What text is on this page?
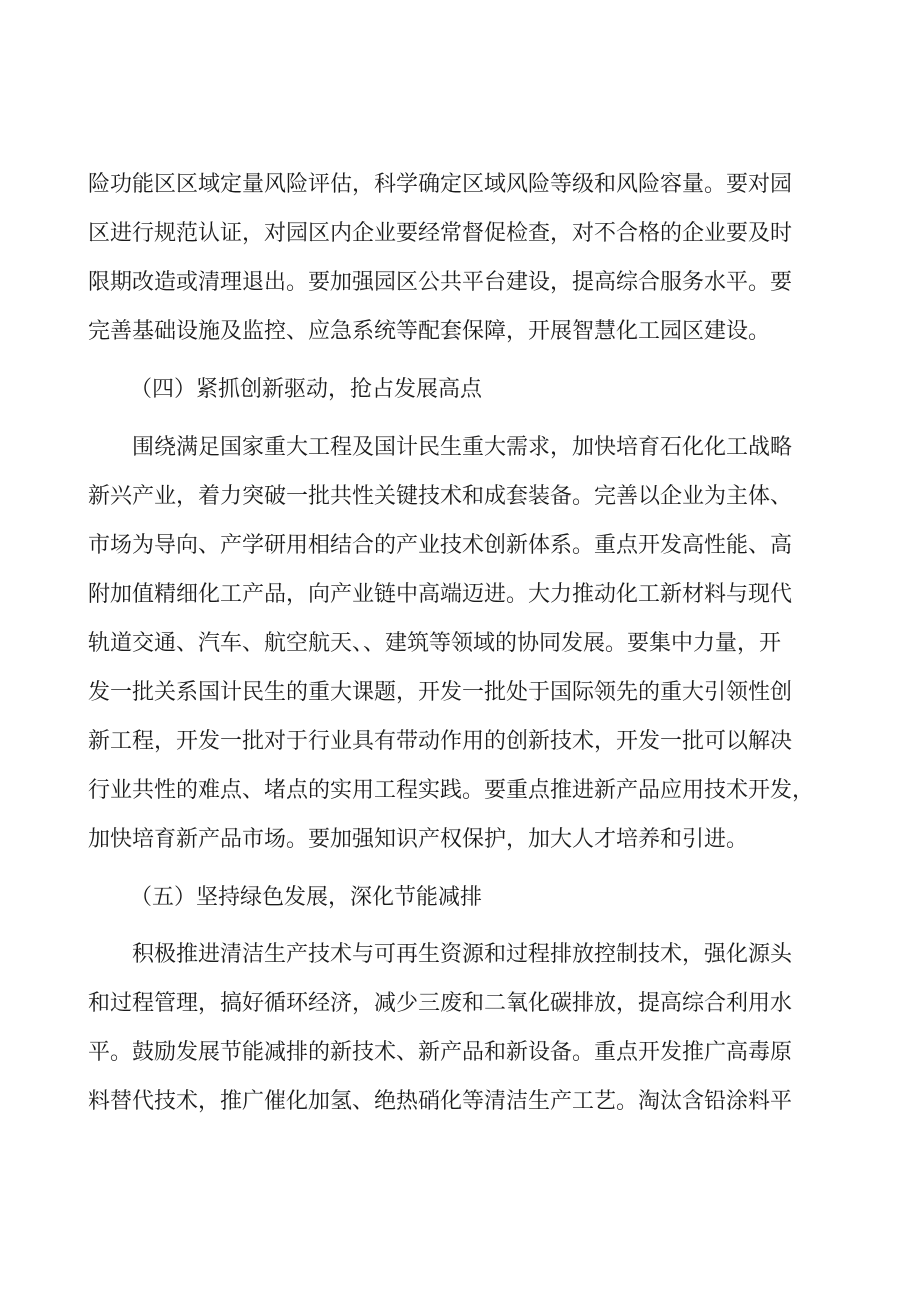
险功能区区域定量风险评估，科学确定区域风险等级和风险容量。要对园

区进行规范认证，对园区内企业要经常督促检查，对不合格的企业要及时

限期改造或清理退出。要加强园区公共平台建设，提高综合服务水平。要

完善基础设施及监控、应急系统等配套保障，开展智慧化工园区建设。

（四）紧抓创新驱动，抢占发展高点

围绕满足国家重大工程及国计民生重大需求，加快培育石化化工战略

新兴产业，着力突破一批共性关键技术和成套装备。完善以企业为主体、

市场为导向、产学研用相结合的产业技术创新体系。重点开发高性能、高

附加值精细化工产品，向产业链中高端迈进。大力推动化工新材料与现代

轨道交通、汽车、航空航天、、建筑等领域的协同发展。要集中力量，开

发一批关系国计民生的重大课题，开发一批处于国际领先的重大引领性创

新工程，开发一批对于行业具有带动作用的创新技术，开发一批可以解决

行业共性的难点、堵点的实用工程实践。要重点推进新产品应用技术开发，

加快培育新产品市场。要加强知识产权保护，加大人才培养和引进。

（五）坚持绿色发展，深化节能减排

积极推进清洁生产技术与可再生资源和过程排放控制技术，强化源头

和过程管理，搞好循环经济，减少三废和二氧化碳排放，提高综合利用水

平。鼓励发展节能减排的新技术、新产品和新设备。重点开发推广高毒原

料替代技术，推广催化加氢、绝热硝化等清洁生产工艺。淘汰含铅涂料平
